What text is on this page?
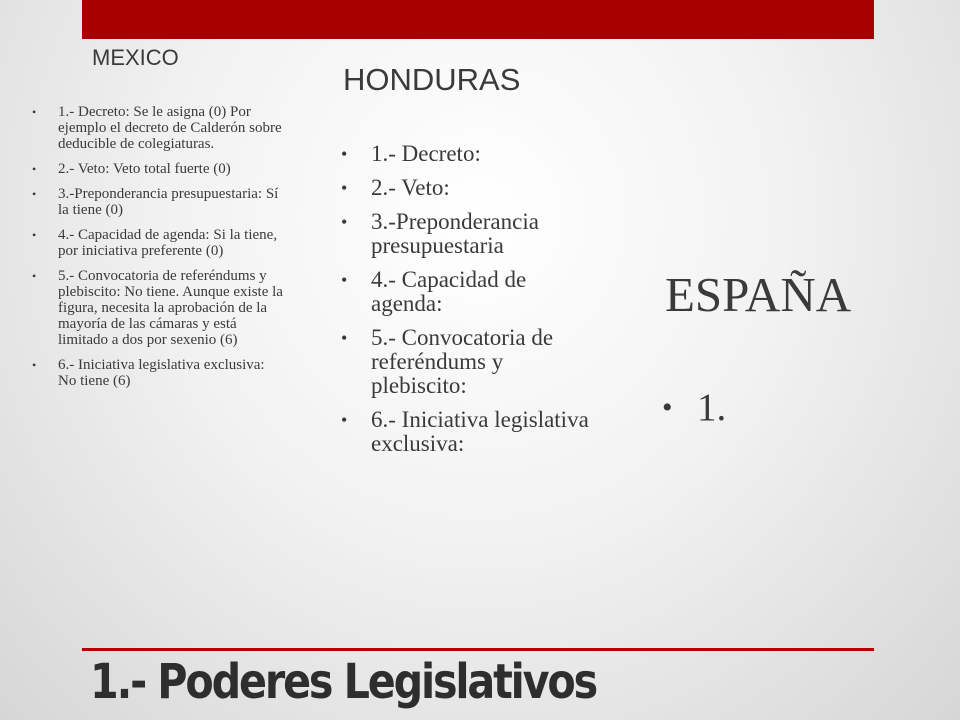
MEXICO
• 1.- Decreto: Se le asigna (0) Por ejemplo el decreto de Calderón sobre deducible de colegiaturas.
• 2.- Veto: Veto total fuerte (0)
• 3.-Preponderancia presupuestaria: Sí la tiene (0)
• 4.- Capacidad de agenda: Si la tiene, por iniciativa preferente (0)
• 5.- Convocatoria de referéndums y plebiscito: No tiene. Aunque existe la figura, necesita la aprobación de la mayoría de las cámaras y está limitado a dos por sexenio (6)
• 6.- Iniciativa legislativa exclusiva: No tiene (6)
HONDURAS
• 1.- Decreto:
• 2.- Veto:
• 3.-Preponderancia presupuestaria
• 4.- Capacidad de agenda:
• 5.- Convocatoria de referéndums y plebiscito:
• 6.- Iniciativa legislativa exclusiva:
ESPAÑA
• 1.
1.- Poderes Legislativos
